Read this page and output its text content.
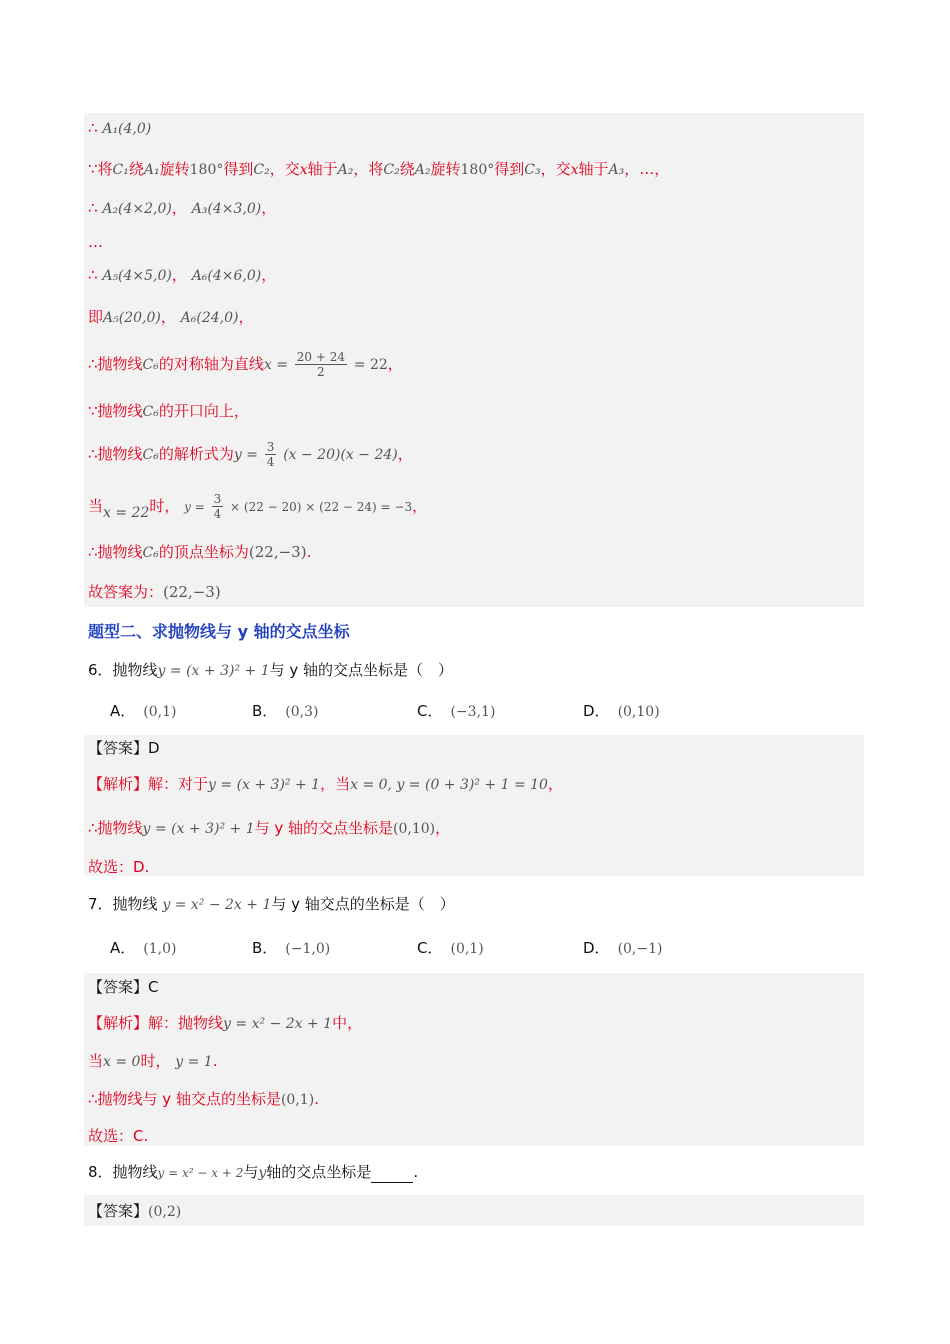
∴ A₁(4,0)
∵将C₁绕A₁旋转180°得到C₂，交x轴于A₂，将C₂绕A₂旋转180°得到C₃，交x轴于A₃，…，
∴ A₂(4×2,0)， A₃(4×3,0)，
…
∴ A₅(4×5,0)， A₆(4×6,0)，
即A₅(20,0)， A₆(24,0)，
∴抛物线C₆的对称轴为直线$x = \frac{20 + 24}{2} = 22$，
∵抛物线C₆的开口向上，
∴抛物线C₆的解析式为$y = \frac{3}{4} (x - 20)(x - 24)$，
当x = 22时， $y = \frac{3}{4} \times (22 - 20) \times (22 - 24) = -3$，
∴抛物线C₆的顶点坐标为(22,−3).
故答案为：(22,−3)
题型二、求抛物线与 y 轴的交点坐标
6．抛物线y = (x + 3)² + 1与 y 轴的交点坐标是（　）
A． (0,1)	B． (0,3)	C． (−3,1)	D． (0,10)
【答案】D
【解析】解：对于y = (x + 3)² + 1，当x = 0, y = (0 + 3)² + 1 = 10，
∴抛物线y = (x + 3)² + 1与 y 轴的交点坐标是(0,10)，
故选：D.
7．抛物线 y = x² − 2x + 1与 y 轴交点的坐标是（　）
A． (1,0)	B． (−1,0)	C． (0,1)	D． (0,−1)
【答案】C
【解析】解：抛物线y = x² − 2x + 1中，
当x = 0时， y = 1.
∴抛物线与 y 轴交点的坐标是(0,1).
故选：C.
8．抛物线y = x² − x + 2与y轴的交点坐标是	.
【答案】(0,2)
